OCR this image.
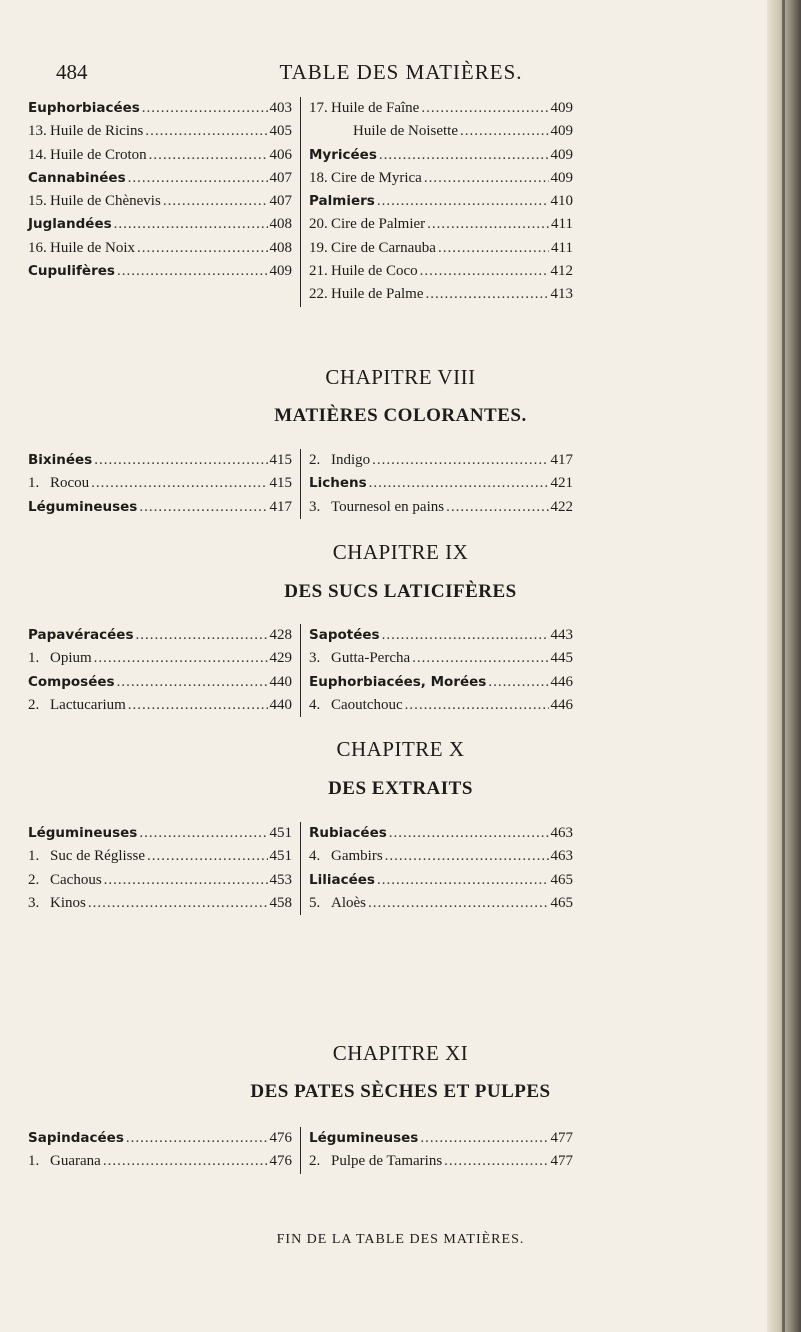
484	TABLE DES MATIÈRES.
Euphorbiacées .....	403
13. Huile de Ricins .....	405
14. Huile de Croton .....	406
Cannabinées .....	407
15. Huile de Chènevis .....	407
Juglandées .....	408
16. Huile de Noix .....	408
Cupulifères .....	409
17. Huile de Faîne .....	409
Huile de Noisette .....	409
Myricées .....	409
18. Cire de Myrica .....	409
Palmiers .....	410
20. Cire de Palmier .....	411
19. Cire de Carnauba .....	411
21. Huile de Coco .....	412
22. Huile de Palme .....	413
CHAPITRE VIII
MATIÈRES COLORANTES.
Bixinées .....	415
1. Rocou .....	415
Légumineuses .....	417
2. Indigo .....	417
Lichens .....	421
3. Tournesol en pains .....	422
CHAPITRE IX
DES SUCS LATICIFÈRES
Papavéracées .....	428
1. Opium .....	429
Composées .....	440
2. Lactucarium .....	440
Sapotées .....	443
3. Gutta-Percha .....	445
Euphorbiacées, Morées .....	446
4. Caoutchouc .....	446
CHAPITRE X
DES EXTRAITS
Légumineuses .....	451
1. Suc de Réglisse .....	451
2. Cachous .....	453
3. Kinos .....	458
Rubiacées .....	463
4. Gambirs .....	463
Liliacées .....	465
5. Aloès .....	465
CHAPITRE XI
DES PATES SÈCHES ET PULPES
Sapindacées .....	476
1. Guarana .....	476
Légumineuses .....	477
2. Pulpe de Tamarins .....	477
FIN DE LA TABLE DES MATIÈRES.
